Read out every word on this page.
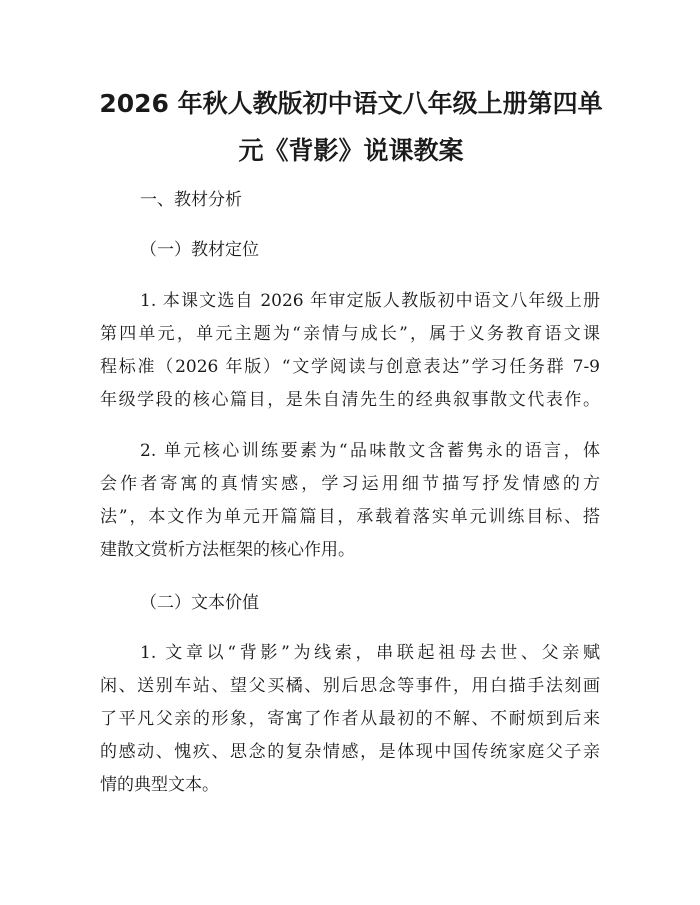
2026 年秋人教版初中语文八年级上册第四单
元《背影》说课教案

一、教材分析

（一）教材定位

1. 本课文选自 2026 年审定版人教版初中语文八年级上册
第四单元，单元主题为“亲情与成长”，属于义务教育语文课
程标准（2026 年版）“文学阅读与创意表达”学习任务群 7-9
年级学段的核心篇目，是朱自清先生的经典叙事散文代表作。
2. 单元核心训练要素为“品味散文含蓄隽永的语言，体
会作者寄寓的真情实感，学习运用细节描写抒发情感的方
法”，本文作为单元开篇篇目，承载着落实单元训练目标、搭
建散文赏析方法框架的核心作用。

（二）文本价值

1. 文章以“背影”为线索，串联起祖母去世、父亲赋
闲、送别车站、望父买橘、别后思念等事件，用白描手法刻画
了平凡父亲的形象，寄寓了作者从最初的不解、不耐烦到后来
的感动、愧疚、思念的复杂情感，是体现中国传统家庭父子亲
情的典型文本。
